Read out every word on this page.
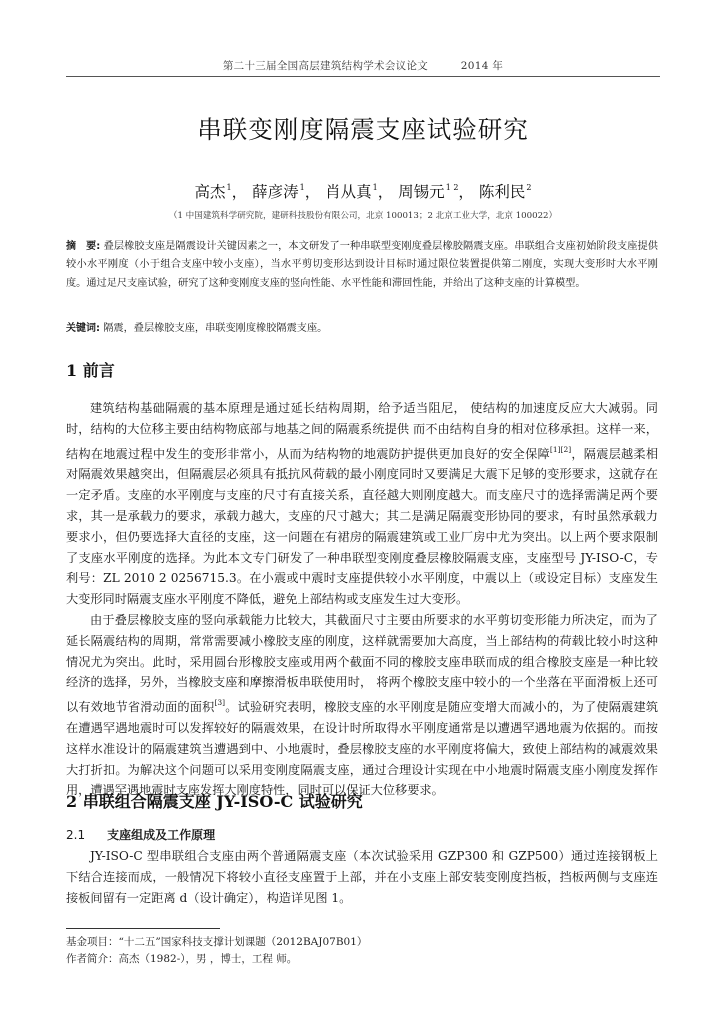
第二十三届全国高层建筑结构学术会议论文	2014 年
串联变刚度隔震支座试验研究
高杰$^1$， 薛彦涛$^1$， 肖从真$^1$， 周锡元$^{1 2}$， 陈利民$^2$
（1 中国建筑科学研究院，建研科技股份有限公司，北京 100013；2 北京工业大学，北京 100022）
摘　要: 叠层橡胶支座是隔震设计关键因素之一，本文研发了一种串联型变刚度叠层橡胶隔震支座。串联组合支座初始阶段支座提供较小水平刚度（小于组合支座中较小支座），当水平剪切变形达到设计目标时通过限位装置提供第二刚度，实现大变形时大水平刚度。通过足尺支座试验，研究了这种变刚度支座的竖向性能、水平性能和滞回性能，并给出了这种支座的计算模型。
关键词: 隔震，叠层橡胶支座，串联变刚度橡胶隔震支座。
1 前言

建筑结构基础隔震的基本原理是通过延长结构周期，给予适当阻尼， 使结构的加速度反应大大减弱。同时，结构的大位移主要由结构物底部与地基之间的隔震系统提供 而不由结构自身的相对位移承担。这样一来，结构在地震过程中发生的变形非常小，从而为结构物的地震防护提供更加良好的安全保障[1][2]，隔震层越柔相对隔震效果越突出，但隔震层必须具有抵抗风荷载的最小刚度同时又要满足大震下足够的变形要求，这就存在一定矛盾。支座的水平刚度与支座的尺寸有直接关系，直径越大则刚度越大。而支座尺寸的选择需满足两个要求，其一是承载力的要求，承载力越大，支座的尺寸越大；其二是满足隔震变形协同的要求，有时虽然承载力要求小，但仍要选择大直径的支座，这一问题在有裙房的隔震建筑或工业厂房中尤为突出。以上两个要求限制了支座水平刚度的选择。为此本文专门研发了一种串联型变刚度叠层橡胶隔震支座，支座型号 JY-ISO-C，专利号：ZL 2010 2 0256715.3。在小震或中震时支座提供较小水平刚度，中震以上（或设定目标）支座发生大变形同时隔震支座水平刚度不降低，避免上部结构或支座发生过大变形。

由于叠层橡胶支座的竖向承载能力比较大，其截面尺寸主要由所要求的水平剪切变形能力所决定，而为了延长隔震结构的周期，常常需要减小橡胶支座的刚度，这样就需要加大高度，当上部结构的荷载比较小时这种情况尤为突出。此时，采用圆台形橡胶支座或用两个截面不同的橡胶支座串联而成的组合橡胶支座是一种比较经济的选择，另外，当橡胶支座和摩擦滑板串联使用时， 将两个橡胶支座中较小的一个坐落在平面滑板上还可以有效地节省滑动面的面积[3]。试验研究表明，橡胶支座的水平刚度是随应变增大而减小的，为了使隔震建筑在遭遇罕遇地震时可以发挥较好的隔震效果，在设计时所取得水平刚度通常是以遭遇罕遇地震为依据的。而按这样水准设计的隔震建筑当遭遇到中、小地震时，叠层橡胶支座的水平刚度将偏大，致使上部结构的减震效果大打折扣。为解决这个问题可以采用变刚度隔震支座，通过合理设计实现在中小地震时隔震支座小刚度发挥作用，遭遇罕遇地震时支座发挥大刚度特性，同时可以保证大位移要求。

2 串联组合隔震支座 JY-ISO-C 试验研究
2.1 支座组成及工作原理

JY-ISO-C 型串联组合支座由两个普通隔震支座（本次试验采用 GZP300 和 GZP500）通过连接钢板上下结合连接而成，一般情况下将较小直径支座置于上部，并在小支座上部安装变刚度挡板，挡板两侧与支座连接板间留有一定距离 d（设计确定），构造详见图 1。

基金项目：“十二五”国家科技支撑计划课题（2012BAJ07B01）
作者简介：高杰（1982-），男 ，博士，工程 师。
